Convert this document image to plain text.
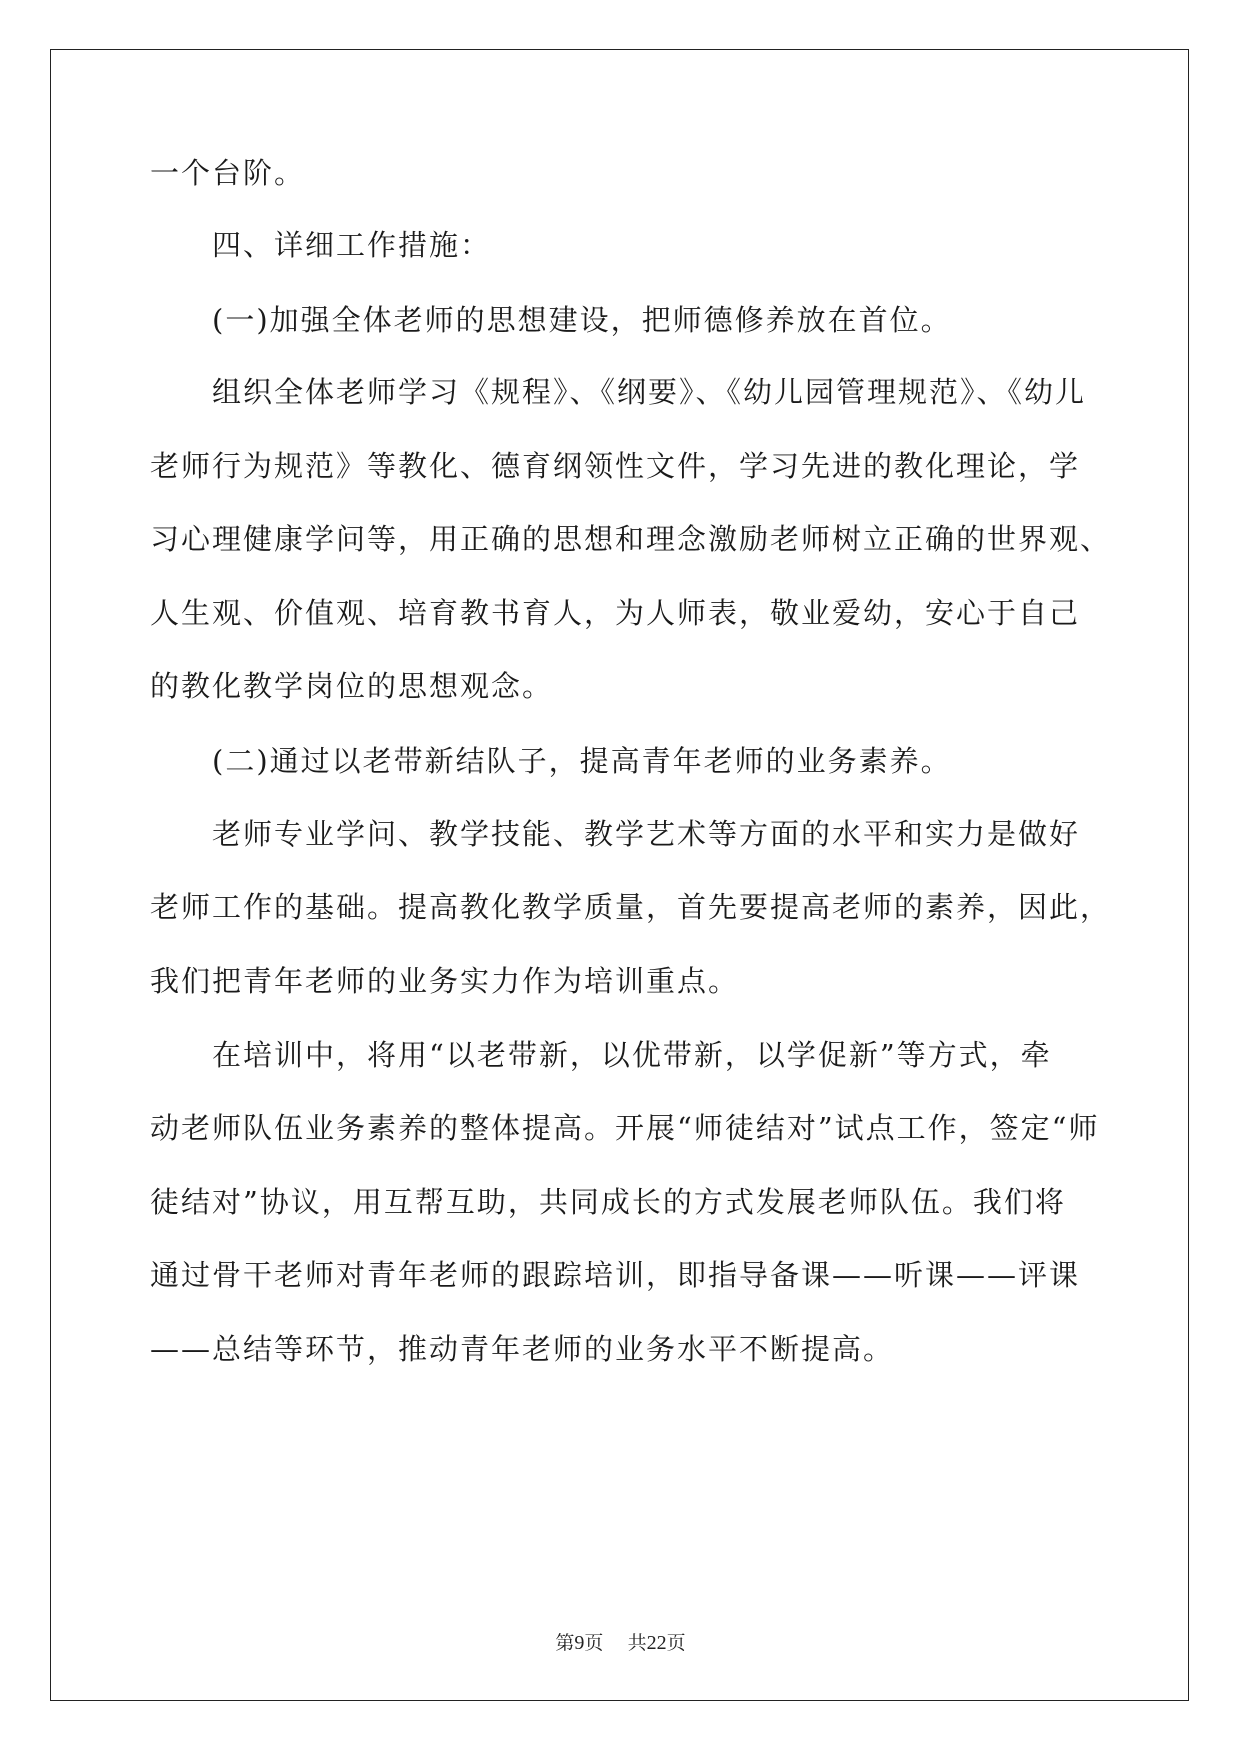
一个台阶。

　　四、详细工作措施：

　　(一)加强全体老师的思想建设，把师德修养放在首位。

　　组织全体老师学习《规程》、《纲要》、《幼儿园管理规范》、《幼儿

老师行为规范》等教化、德育纲领性文件，学习先进的教化理论，学

习心理健康学问等，用正确的思想和理念激励老师树立正确的世界观、

人生观、价值观、培育教书育人，为人师表，敬业爱幼，安心于自己

的教化教学岗位的思想观念。

　　(二)通过以老带新结队子，提高青年老师的业务素养。

　　老师专业学问、教学技能、教学艺术等方面的水平和实力是做好

老师工作的基础。提高教化教学质量，首先要提高老师的素养，因此，

我们把青年老师的业务实力作为培训重点。

　　在培训中，将用“以老带新，以优带新，以学促新”等方式，牵

动老师队伍业务素养的整体提高。开展“师徒结对”试点工作，签定“师

徒结对”协议，用互帮互助，共同成长的方式发展老师队伍。我们将

通过骨干老师对青年老师的跟踪培训，即指导备课——听课——评课

——总结等环节，推动青年老师的业务水平不断提高。

第9页 共22页
